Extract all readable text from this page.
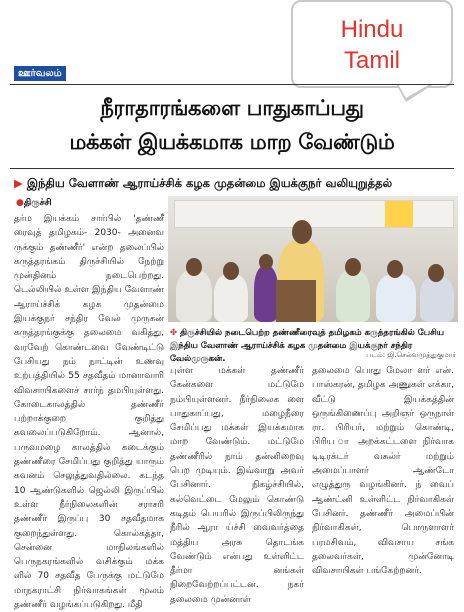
Hindu
Tamil
ஊர்வலம்
நீராதாரங்களை பாதுகாப்பது
மக்கள் இயக்கமாக மாற வேண்டும்
▶ இந்திய வேளாண் ஆராய்ச்சிக் கழக முதன்மை இயக்குநர் வலியுறுத்தல்
●திருச்சி
தர்ம இயக்கம் சார்பில் 'தண்ணீ ரைவுத் தமிழகம்- 2030- அனைவ ருக்கும் தண்ணீர்' என்ற தலைப்பில் கருத்தரங்கம் திருச்சியில் நேற்று முன்தினம் நடைபெற்றது. டெல்லியில் உள்ள இந்திய வேளாண் ஆராய்ச்சிக் கழக முதன்மை இயக்குநர் சந்திர வேல் முருகன் கருத்தரங்குக்கு தலைமை வகித்து, வரவேற் கொண்டவை வேண்டிட்டு பேசியது நம் நாட்டின் உணவு உற்பத்தியில் 55 சதவீதம் மானாவாரி விவசாயிகளைச் சார்ந் தமபியுள்ளது. கோடைகாலத்தில் தண்ணீர் பற்றாக்குறை குறித்து கவலைப்படுகிறோம். ஆனால், பருவமழை காலத்தில் கடைக்கும் தண்ணீரை சேமிப்பது குறித்து யாரும் கவனம் செலுத்துவதில்லை. கடந்த 10 ஆண்டுகளில் ஜெல்லி இருப்பில் உள்ள நீர்நிலைகளின் சராசரி தண்ணீர் இருப்பு 30 சதவீதமாக குறைந்துள்ளது. கொல்கத்தா, சென்னை மாநிலங்களில் பெருநகரங்களில் வசிக்கும் மக்க ளில் 70 சதவீத பேருக்கு மட்டுமே மாநகராட்சி நிர்வாகங்கள் மூலம் தண்ணீர் வழங்கப்படுகிறது. மீதி
✤ திருச்சியில் நடைபெற்ற தண்ணீரைவுத் தமிழகம் கருத்தரங்கில் பேசிய இந்திய வேளாண் ஆராய்ச்சிக் கழக முதன்மை இயக்குநர் சந்திர வேல்முருகன்.	படம்: ஜி.செல்வமுத்துகுமார்
புள்ள மக்கள் தண்ணீர் கேன்களை மட்டுமே நம்பியுள்ளனர். நீர்நிலைக ளை பாதுகாப்பது, மழைநீரை சேமிப்பது மக்கள் இயக்கமாக மாற வேண்டும். மட்டுமே தண்ணீரில் நாம் தன்னிறைவு பெற முடியும். இவ்வாறு அவர் பேசினார். நிகழ்ச்சியில், கல்வெட்டை மேலும் கொண்டு கடிதம் பெயரில் இருப்பிலிருந்து நீரில் ஆரா ய்ச்சி வைவர்த்தை மத்திய அரசு தொடங்க வேண்டும் என்பது உள்ளிட்ட தீர்மா னங்கள் நிறைவேற்றப்பட்டன. நகர் தலைமை முன்னாள்
தலைமை பொது மேலா ளர் என். பாஸ்கரன், தமிழக அணுகள் எக்கா, வீட்டு இயக்கத்தின் ஒருங்கிணைப்பு அறிஞர் ஒருநாள் ரா. பிரியர், மற்றும் கொண்டி, பிரிய ா அறக்கட்டளை நிர்வாக டிடிரக்டர் வசுல்ர் மற்றும் அமைப்பாளர் ஆண்டோ எழுத்துரு வழங்கினர். ந் வைப் ஆண்ட்னி உள்ளிட்ட நிர்வாகிகள் பேசினர். தண்ணீர் அமைப்பின் நிர்வாகிகள், பொருளாளர் பரமசிவம், விவசாய சங்க தலைவர்கள், முன்னோடி விவசாயிகள் பங்கேற்றனர்.
